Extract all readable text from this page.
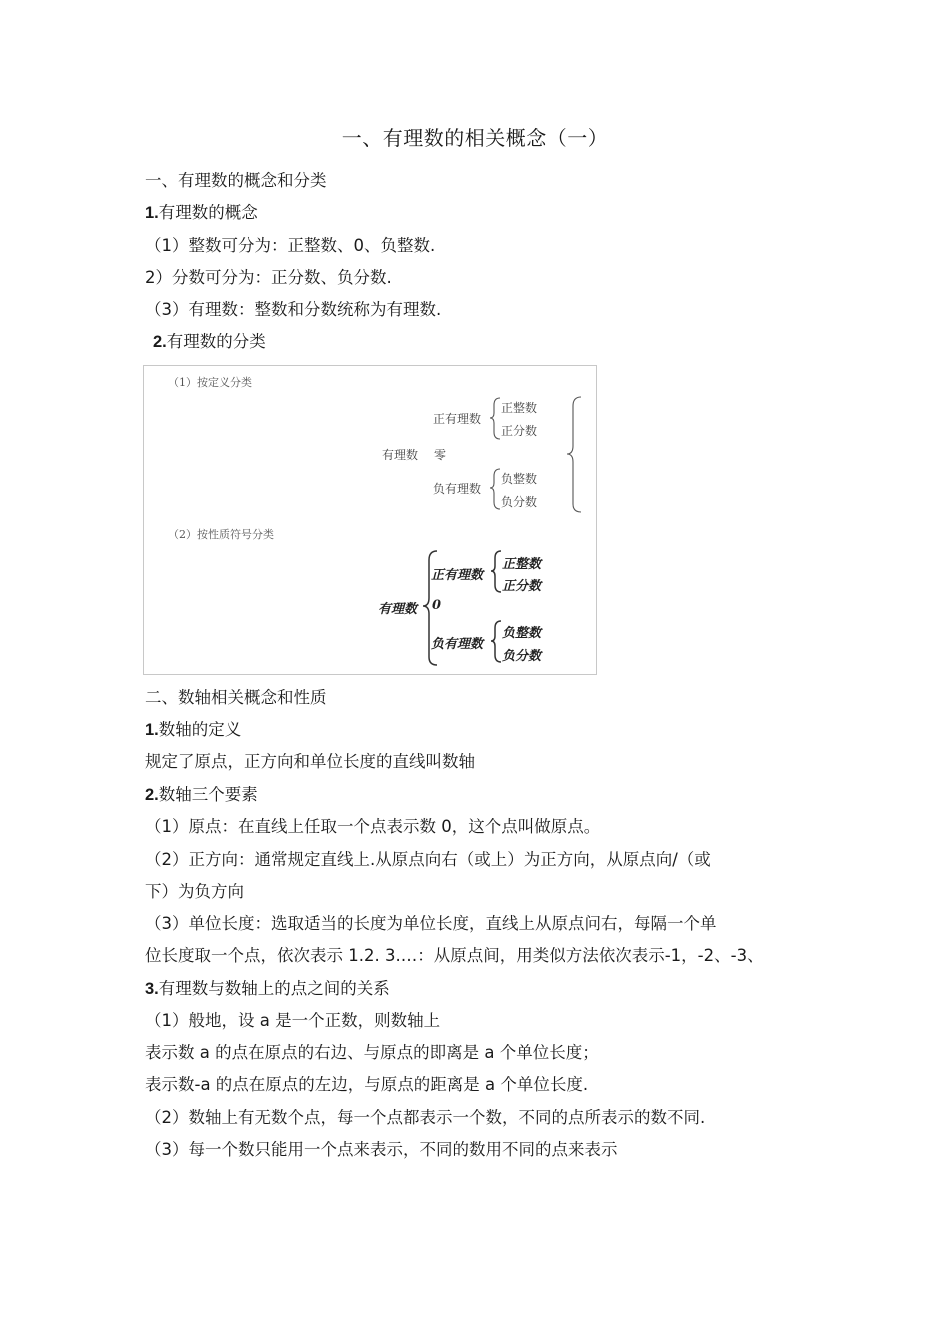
一、有理数的相关概念（一）
一、有理数的概念和分类
1.有理数的概念
（1）整数可分为：正整数、0、负整数.
2）分数可分为：正分数、负分数.
（3）有理数：整数和分数统称为有理数.
2.有理数的分类
（1）按定义分类
有理数
正有理数
正整数
正分数
零
负有理数
负整数
负分数
（2）按性质符号分类
有理数
正有理数
正整数
正分数
0
负有理数
负整数
负分数
二、数轴相关概念和性质
1.数轴的定义
规定了原点，正方向和单位长度的直线叫数轴
2.数轴三个要素
（1）原点：在直线上任取一个点表示数 0，这个点叫做原点。
（2）正方向：通常规定直线上.从原点向右（或上）为正方向，从原点向/（或
下）为负方向
（3）单位长度：选取适当的长度为单位长度，直线上从原点问右，每隔一个单
位长度取一个点，依次表示 1.2. 3.…：从原点间，用类似方法依次表示-1，-2、-3、
3.有理数与数轴上的点之间的关系
（1）般地，设 a 是一个正数，则数轴上
表示数 a 的点在原点的右边、与原点的即离是 a 个单位长度；
表示数-a 的点在原点的左边，与原点的距离是 a 个单位长度.
（2）数轴上有无数个点，每一个点都表示一个数，不同的点所表示的数不同.
（3）每一个数只能用一个点来表示，不同的数用不同的点来表示
